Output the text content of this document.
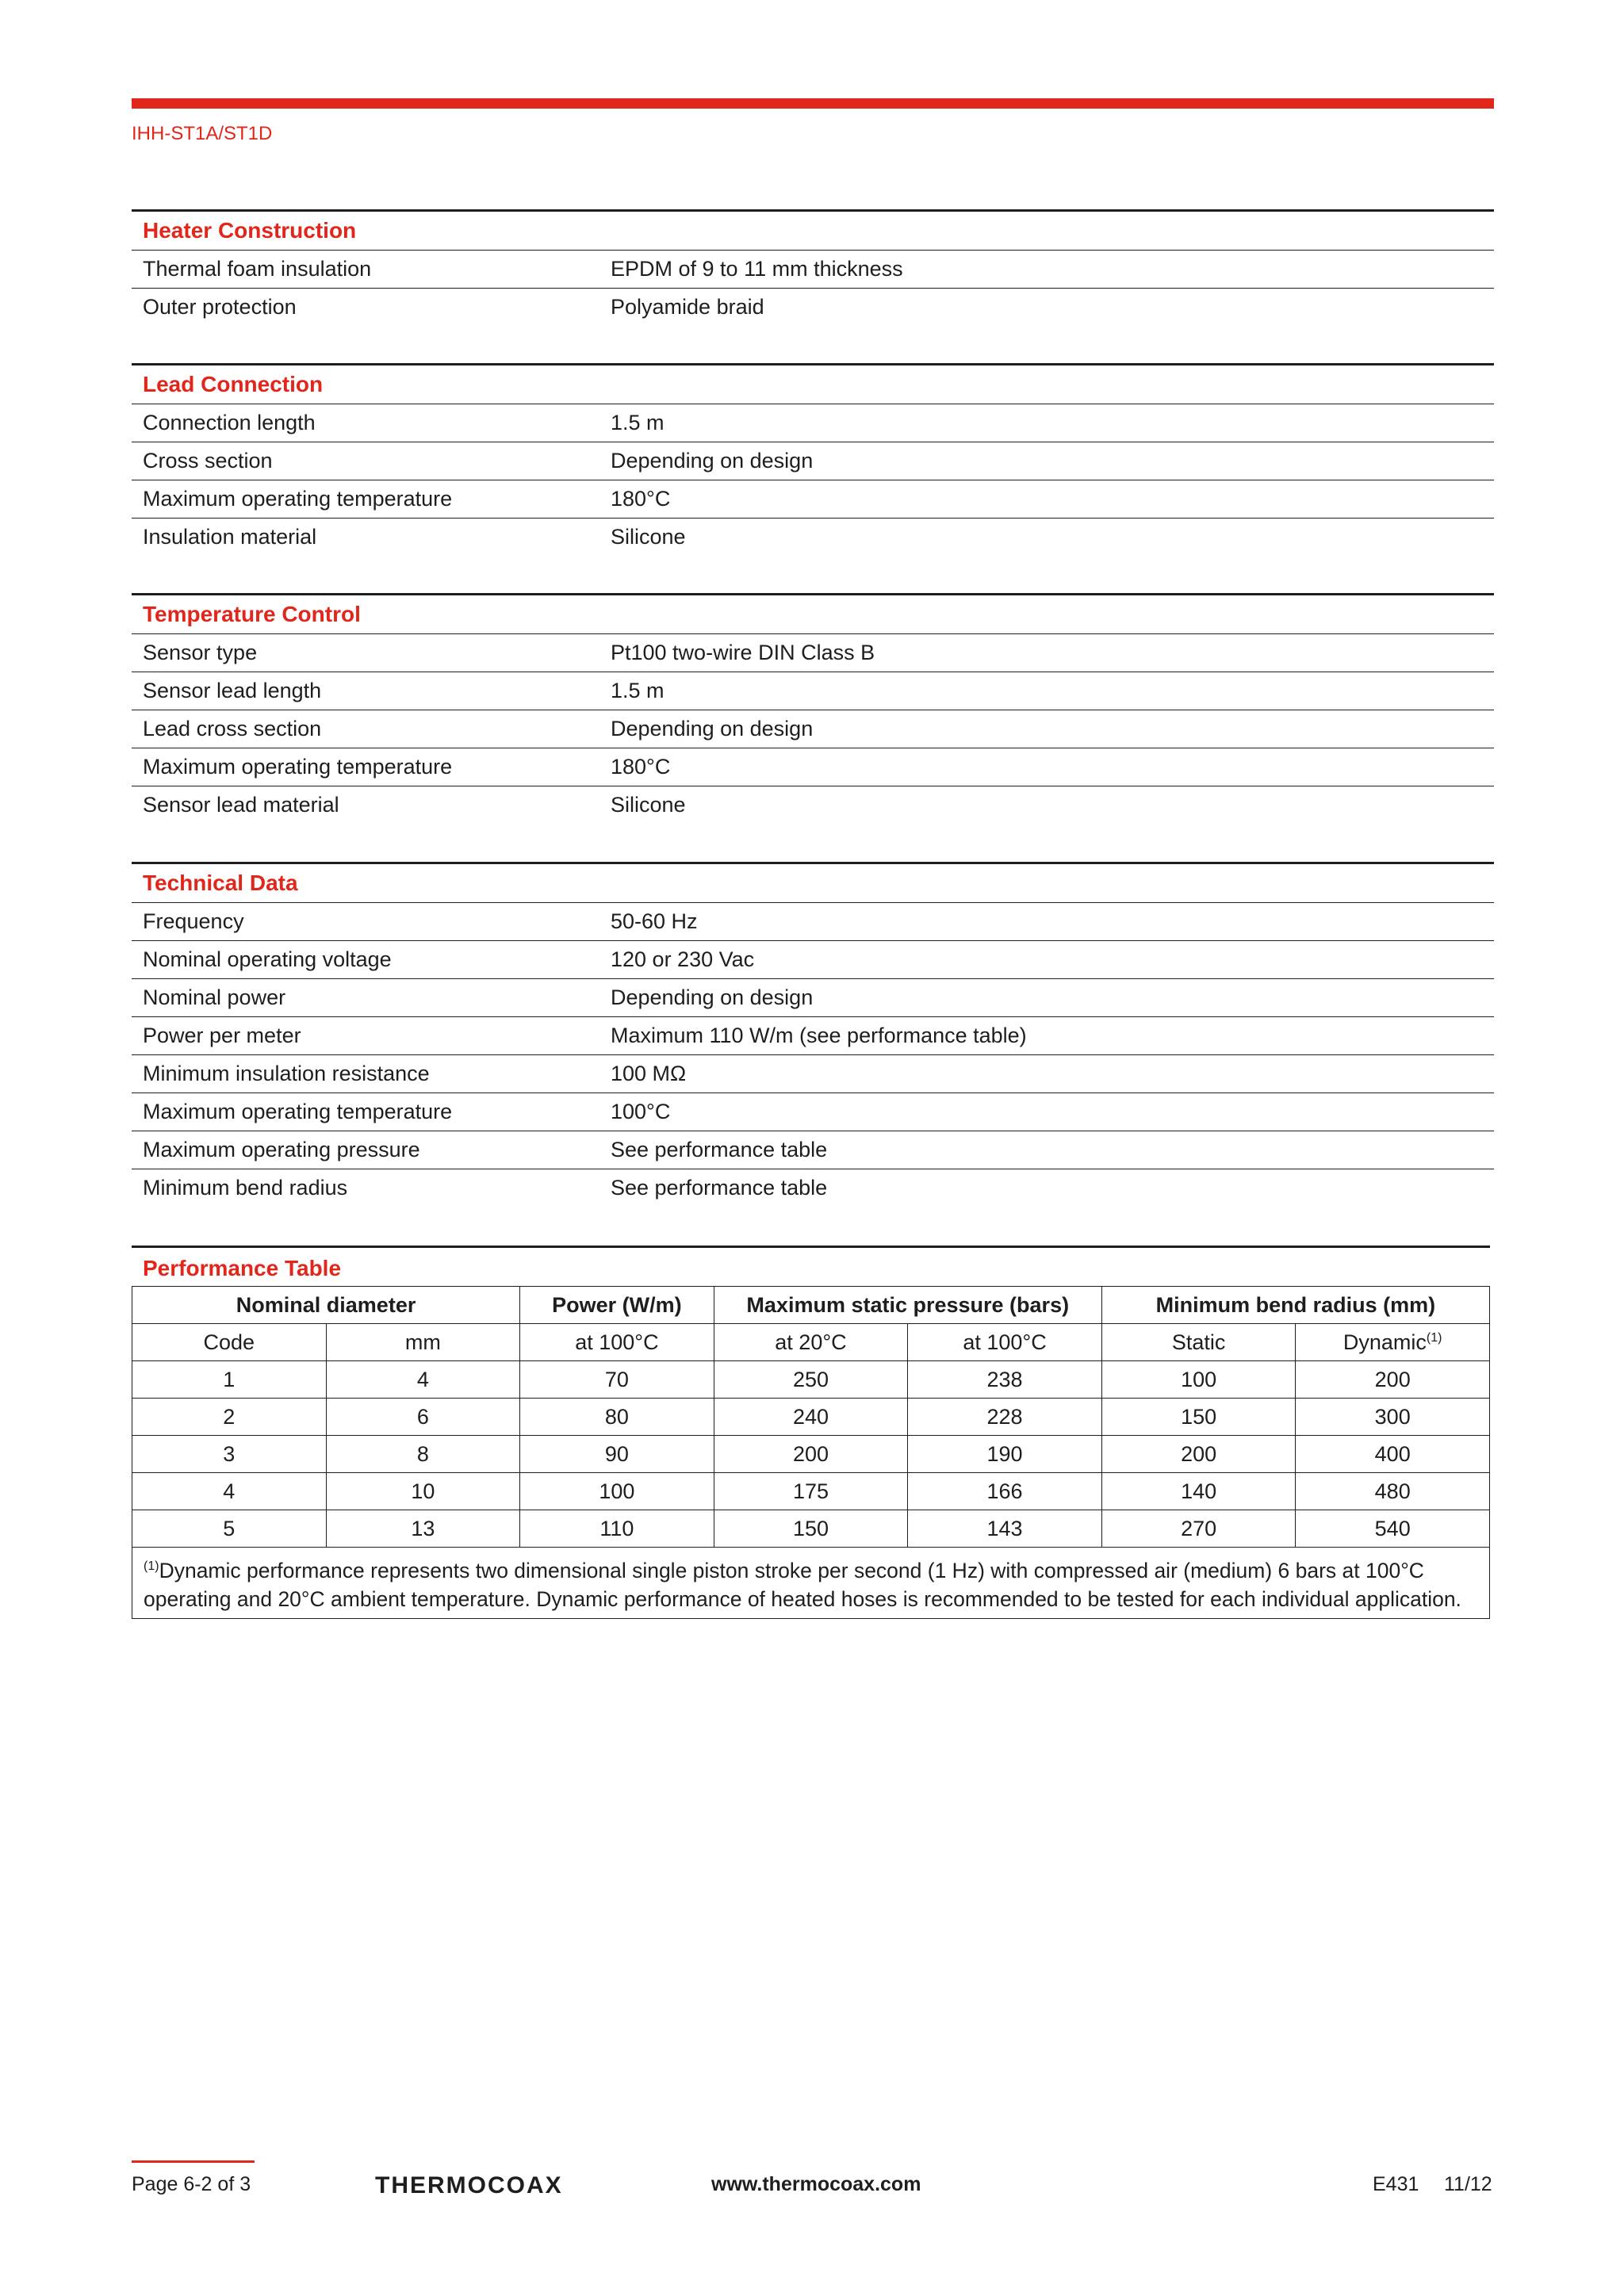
IHH-ST1A/ST1D
Heater Construction	
Thermal foam insulation	EPDM of 9 to 11 mm thickness
Outer protection	Polyamide braid
Lead Connection	
Connection length	1.5 m
Cross section	Depending on design
Maximum operating temperature	180°C
Insulation material	Silicone
Temperature Control	
Sensor type	Pt100 two-wire DIN Class B
Sensor lead length	1.5 m
Lead cross section	Depending on design
Maximum operating temperature	180°C
Sensor lead material	Silicone
Technical Data	
Frequency	50-60 Hz
Nominal operating voltage	120 or 230 Vac
Nominal power	Depending on design
Power per meter	Maximum 110 W/m (see performance table)
Minimum insulation resistance	100 MΩ
Maximum operating temperature	100°C
Maximum operating pressure	See performance table
Minimum bend radius	See performance table
Performance Table
Nominal diameter		Power (W/m)	Maximum static pressure (bars)		Minimum bend radius (mm)	
Code	mm	at 100°C	at 20°C	at 100°C	Static	Dynamic$^{(1)}$
1	4	70	250	238	100	200
2	6	80	240	228	150	300
3	8	90	200	190	200	400
4	10	100	175	166	140	480
5	13	110	150	143	270	540
$^{(1)}$Dynamic performance represents two dimensional single piston stroke per second (1 Hz) with compressed air (medium) 6 bars at 100°C operating and 20°C ambient temperature. Dynamic performance of heated hoses is recommended to be tested for each individual application.						
Page 6-2 of 3	THERMOCOAX	www.thermocoax.com	E431 11/12
